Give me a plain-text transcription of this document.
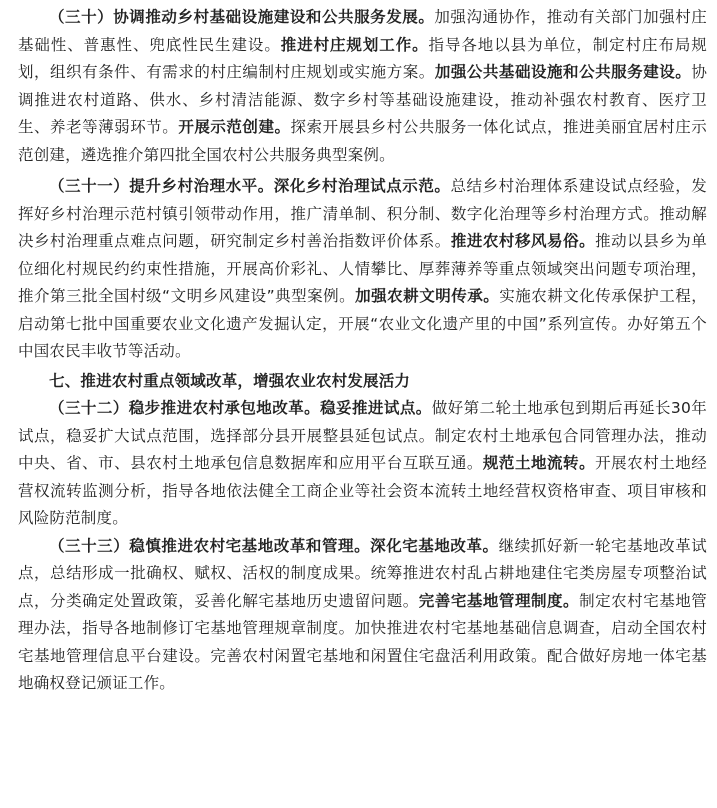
（三十）协调推动乡村基础设施建设和公共服务发展。加强沟通协作，推动有关部门加强村庄基础性、普惠性、兜底性民生建设。推进村庄规划工作。指导各地以县为单位，制定村庄布局规划，组织有条件、有需求的村庄编制村庄规划或实施方案。加强公共基础设施和公共服务建设。协调推进农村道路、供水、乡村清洁能源、数字乡村等基础设施建设，推动补强农村教育、医疗卫生、养老等薄弱环节。开展示范创建。探索开展县乡村公共服务一体化试点，推进美丽宜居村庄示范创建，遴选推介第四批全国农村公共服务典型案例。

（三十一）提升乡村治理水平。深化乡村治理试点示范。总结乡村治理体系建设试点经验，发挥好乡村治理示范村镇引领带动作用，推广清单制、积分制、数字化治理等乡村治理方式。推动解决乡村治理重点难点问题，研究制定乡村善治指数评价体系。推进农村移风易俗。推动以县乡为单位细化村规民约约束性措施，开展高价彩礼、人情攀比、厚葬薄养等重点领域突出问题专项治理，推介第三批全国村级“文明乡风建设”典型案例。加强农耕文明传承。实施农耕文化传承保护工程，启动第七批中国重要农业文化遗产发掘认定，开展“农业文化遗产里的中国”系列宣传。办好第五个中国农民丰收节等活动。

七、推进农村重点领域改革，增强农业农村发展活力

（三十二）稳步推进农村承包地改革。稳妥推进试点。做好第二轮土地承包到期后再延长30年试点，稳妥扩大试点范围，选择部分县开展整县延包试点。制定农村土地承包合同管理办法，推动中央、省、市、县农村土地承包信息数据库和应用平台互联互通。规范土地流转。开展农村土地经营权流转监测分析，指导各地依法健全工商企业等社会资本流转土地经营权资格审查、项目审核和风险防范制度。

（三十三）稳慎推进农村宅基地改革和管理。深化宅基地改革。继续抓好新一轮宅基地改革试点，总结形成一批确权、赋权、活权的制度成果。统筹推进农村乱占耕地建住宅类房屋专项整治试点，分类确定处置政策，妥善化解宅基地历史遗留问题。完善宅基地管理制度。制定农村宅基地管理办法，指导各地制修订宅基地管理规章制度。加快推进农村宅基地基础信息调查，启动全国农村宅基地管理信息平台建设。完善农村闲置宅基地和闲置住宅盘活利用政策。配合做好房地一体宅基地确权登记颁证工作。
